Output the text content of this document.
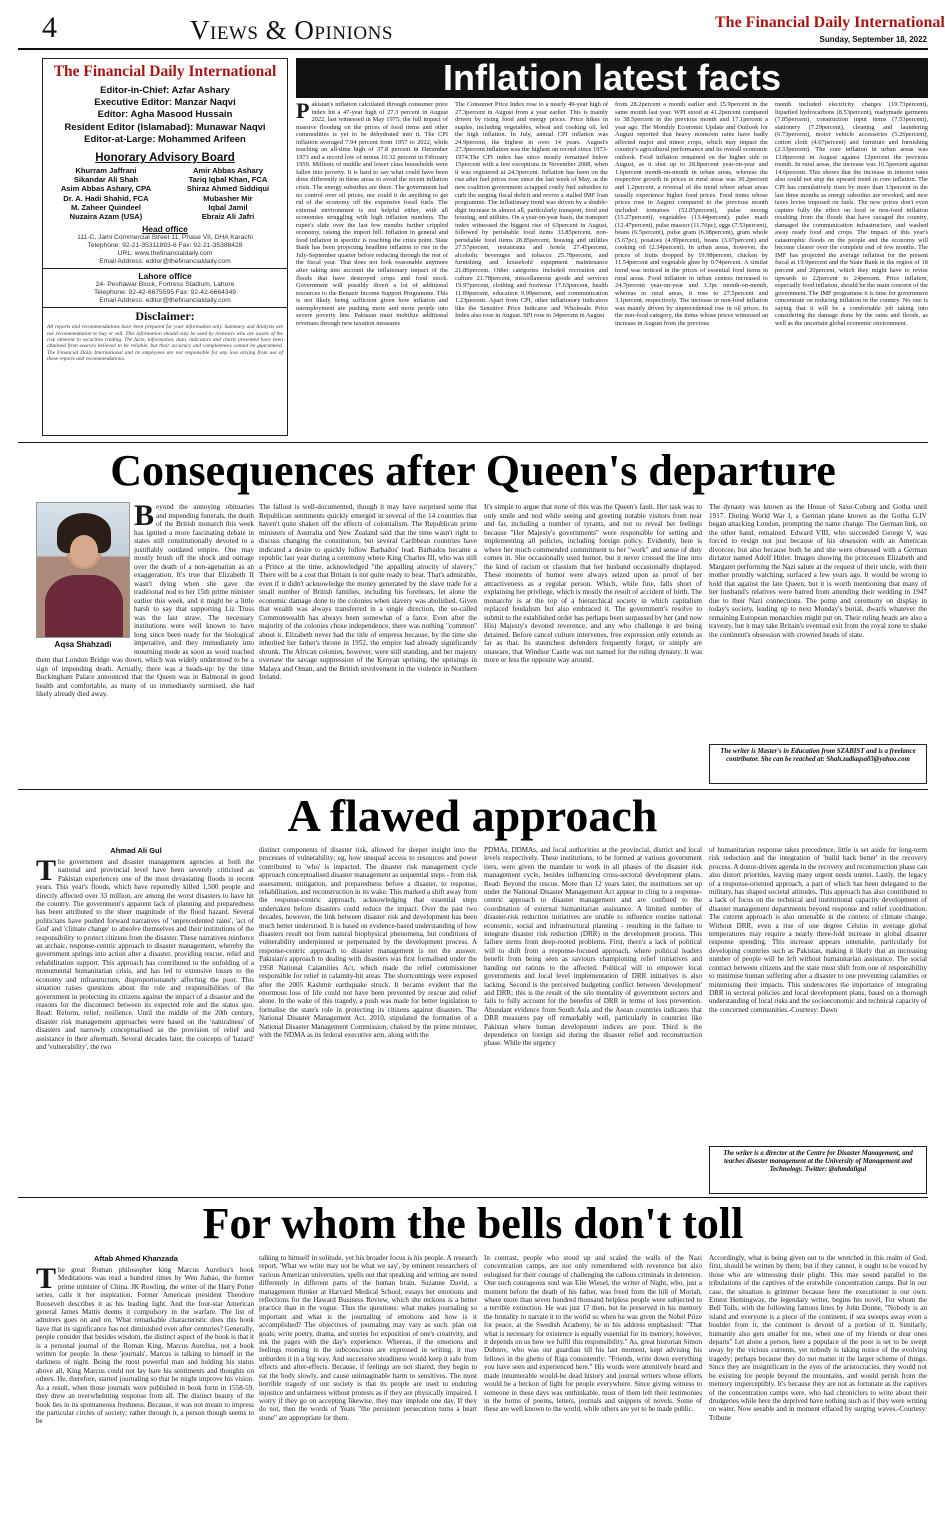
4	Views & Opinions	The Financial Daily International
Sunday, September 18, 2022
The Financial Daily International
Editor-in-Chief: Azfar Ashary
Executive Editor: Manzar Naqvi
Editor: Agha Masood Hussain
Resident Editor (Islamabad): Munawar Naqvi
Editor-at-Large: Mohammed Arifeen
Honorary Advisory Board
Khurram Jaffrani
Sikandar Ali Shah
Asim Abbas Ashary, CPA
Dr. A. Hadi Shahid, FCA
M. Zaheer Quindeel
Nuzaira Azam (USA)
Amir Abbas Ashary
Tariq Iqbal Khan, FCA
Shiraz Ahmed Siddiqui
Mubasher Mir
Iqbal Jamil
Ebraiz Ali Jafri
Head office
111-C, Jami Commercial Street 11, Phase VII, DHA Karachi
Telephone: 92-21-35311893-6 Fax: 92-21-35388428
URL: www.thefinancialdaily.com
Email Address: editor@thefinancialdaily.com
Lahore office
24- Peshawar Block, Fortress Stadium, Lahore
Telephone: 92-42-6675595 Fax: 92-42-6664349
Email Address: editor@thefinancialdaily.com
Disclaimer:
All reports and recommendations have been prepared for your information only. Summary and Analysis are not recommendation to buy or sell. This information should only be used by investors who are aware of the risk inherent in securities trading. The facts, information, data, indicators and charts presented have been obtained from sources believed to be reliable, but their accuracy and completeness cannot be guaranteed. The Financial Daily International and its employees are not responsible for any loss arising from use of these reports and recommendations.
Inflation latest facts

Pakistan's inflation calculated through consumer price index hit a 47-year high of 27.3 percent in August 2022, last witnessed in May 1975; the full impact of massive flooding on the prices of food items and other commodities is yet to be dehydrated into it. The CPI inflation averaged 7.94 percent from 1957 to 2022, while reaching an all-time high of 37.8 percent in December 1973 and a record low of minus 10.32 percent in February 1959. Millions of middle and lower class households were fallen into poverty. It is hard to say what could have been done differently in these areas to avoid the recent inflation crisis. The energy subsidies are there. The government had no control over oil prices, nor could it do anything to get rid of the economy off the expensive fossil fuels. The external environment is not helpful either, with all economies struggling with high inflation numbers. The rupee's slide over the last few months further crippled economy, raising the import bill. Inflation in general and food inflation in specific is reaching the crisis point. State Bank has been projecting headline inflation to rise in the July-September quarter before reducing through the rest of the fiscal year. That does not look reasonable anymore after taking into account the inflationary impact of the floods that have destroyed crops and food stock. Government will possibly divert a lot of additional resources to the Benazir Income Support Programme. This is not likely being sufficient given how inflation and unemployment are pushing more and more people into severe poverty line. Pakistan must mobilize additional revenues through new taxation measures

The Consumer Price Index rose to a nearly 49-year high of 27.3percent in August from a year earlier. This is mainly driven by rising food and energy prices. Price hikes in staples, including vegetables, wheat and cooking oil, led the high inflation. In July, annual CPI inflation was 24.9percent, the highest in over 14 years. August's 27.3percent inflation was the highest on record since 1973-1974.The CPI index has since mostly remained below 15percent with a few exceptions in November 2008, when it was registered at 24.3percent. Inflation has been on the rise after fuel prices rose since the last week of May, as the new coalition government scrapped costly fuel subsidies to curb the surging fiscal deficit and revive a stalled IMF loan programme. The inflationary trend was driven by a double-digit increase in almost all, particularly transport, food and housing, and utilities. On a year-on-year basis, the transport index witnessed the biggest rise of 63percent in August, followed by perishable food items 33.85percent, non-perishable food items 28.85percent, housing and utilities 27.57percent, restaurants and hotels 27.45percent, alcoholic beverages and tobacco 25.78percent, and furnishing and household equipment maintenance 21.86percent. Other categories included recreation and culture 21.78percent, miscellaneous goods and services 19.97percent, clothing and footwear 17.63percent, health 11.89percent, education 9.99percent, and communication 1.23percent. Apart from CPI, other inflationary indicators like the Sensitive Price Indicator and Wholesale Price Index also rose in August. SPI rose to 34percent in August

from 28.2percent a month earlier and 15.9percent in the same month last year. WPI stood at 41.2percent compared to 38.5percent in the previous month and 17.1percent a year ago. The Monthly Economic Update and Outlook for August reported that heavy monsoon rains have badly affected major and minor crops, which may impact the country's agricultural performance and its overall economic outlook. Food inflation remained on the higher side in August, as it shot up to 28.8percent year-on-year and 1.6percent month-on-month in urban areas, whereas the respective growth in prices in rural areas was 30.2percent and 1.2percent, a reversal of the trend where urban areas usually experience higher food prices. Food items whose prices rose in August compared to the previous month included tomatoes (52.85percent), pulse moong (15.27percent), vegetables (13.44percent), pulse mash (12.47percent), pulse masoor (11.76pc), eggs (7.53percent), beans (6.5percent), pulse gram (6.08percent), gram whole (5.67pc), potatoes (4.99percent), beans (3.07percent) and cooking oil (2.34percent). In urban areas, however, the prices of fruits dropped by 19.98percent, chicken by 11.54percent and vegetable ghee by 0.74percent. A similar trend was noticed in the prices of essential food items in rural areas. Food inflation in urban centres increased to 24.7percent year-on-year and 3.3pc month-on-month, whereas in rural areas, it rose to 27.5percent and 3.1percent, respectively. The increase in non-food inflation was mainly driven by unprecedented rise in oil prices. In the non-food category, the items whose prices witnessed an increase in August from the previous

month included electricity charges (19.73percent), liquefied hydrocarbons (8.53percent), readymade garments (7.85percent), construction input items (7.53percent), stationery (7.29percent), cleaning and laundering (6.73percent), motor vehicle accessories (5.26percent), cotton cloth (4.67percent) and furniture and furnishing (2.33percent). The core inflation in urban areas was 13.8percent in August against 12percent the previous month. In rural areas, the increase was 16.5percent against 14.6percent. This shows that the increase in interest rates also could not stop the upward trend in core inflation. The CPI has cumulatively risen by more than 13percent in the last three months as energy subsidies are revoked, and new taxes levies imposed on fuels. The new prices don't even capture fully the effect on food or non-food inflation resulting from the floods that have ravaged the country, damaged the communication infrastructure, and washed away ready food and crops. The impact of this year's catastrophic floods on the people and the economy will become clearer over the complete end of few months. The IMF has projected the average inflation for the present fiscal at 19.9percent and the State Bank in the region of 18 percent and 20percent, which they might have to revise upwards to 22percent to 24percent. Price inflation, especially food inflation, should be the main concern of the government. The IMF programme it is time for government concentrate on reducing inflation in the country. No one is saying that it will be a comfortable job taking into considering the damage done by the rains and floods, as well as the uncertain global economic environment.

Consequences after Queen's departure
Aqsa Shahzadi

Beyond the annoying obituaries and impending funerals, the death of the British monarch this week has ignited a more fascinating debate in states still constitutionally devoted to a justifiably outdated empire. One may mostly brush off the shock and outrage over the death of a non-agenarian as an exaggeration. It's true that Elizabeth II wasn't dying when she gave the traditional nod to her 15th prime minister earlier this week, and it might be a little harsh to say that supporting Liz Truss was the last straw. The necessary institutions were well known to have long since been ready for the biological imperative, and they immediately into mourning mode as soon as word reached them that London Bridge was down, which was widely understood to be a sign of impending death. Actually, there was a heads-up: by the time Buckingham Palace announced that the Queen was in Balmoral in good health and comfortable, as many of us immediately surmised, she had likely already died away.

The fallout is well-documented, though it may have surprised some that Republican sentiments quickly emerged in several of the 14 countries that haven't quite shaken off the effects of colonialism. The Republican prime ministers of Australia and New Zealand said that the time wasn't right to discuss changing the constitution, but several Caribbean countries have indicated a desire to quickly follow Barbados' lead. Barbados became a republic last year during a ceremony where King Charles III, who was still a Prince at the time, acknowledged "the appalling atrocity of slavery." There will be a cost that Britain is not quite ready to bear. That's admirable, even if it didn't acknowledge the money generated by the slave trade for a small number of British families, including his forebears, let alone the economic damage done to the colonies when slavery was abolished. Given that wealth was always transferred in a single direction, the so-called Commonwealth has always been somewhat of a farce. Even after the majority of the colonies chose independence, there was nothing "common" about it. Elizabeth never had the title of empress because, by the time she inherited her father's throne in 1952, the empire had already significantly shrunk. The African colonies, however, were still standing, and her majesty oversaw the savage suppression of the Kenyan uprising, the uprisings in Malaya and Oman, and the British involvement in the violence in Northern Ireland.

It's simple to argue that none of this was the Queen's fault. Her task was to only smile and nod while seeing and greeting notable visitors from near and far, including a number of tyrants, and not to reveal her feelings because "Her Majesty's governments" were responsible for setting and implementing all policies, including foreign policy. Evidently, here is where her much commended commitment to her "work" and sense of duty comes in. She occasionally used humor, but it never crossed the line into the kind of racism or classism that her husband occasionally displayed. These moments of humor were always seized upon as proof of her attractiveness as a regular person. Which, while fine, falls short of explaining her privilege, which is mostly the result of accident of birth. The monarchy is at the top of a hierarchical society in which capitalism replaced feudalism but also embraced it. The government's resolve to submit to the established order has perhaps been surpassed by her (and now His) Majesty's devoted reverence, and any who challenge it are being detained. Before cancel culture intervenes, free expression only extends as far as that. Its staunchest defenders frequently forget, or simply are unaware, that Windsor Castle was not named for the ruling dynasty. It was more or less the opposite way around.

The dynasty was known as the House of Saxe-Coburg and Gotha until 1917. During World War I, a German plane known as the Gotha G.IV began attacking London, prompting the name change. The German link, on the other hand, remained. Edward VIII, who succeeded George V, was forced to resign not just because of his obsession with an American divorcee, but also because both he and she were obsessed with a German dictator named Adolf Hitler. Images showing the princesses Elizabeth and Margaret performing the Nazi salute at the request of their uncle, with their mother proudly watching, surfaced a few years ago. It would be wrong to hold that against the late Queen, but it is worth mentioning that many of her husband's relatives were barred from attending their wedding in 1947 due to their Nazi connections. The pomp and ceremony on display in today's society, leading up to next Monday's burial, dwarfs whatever the remaining European monarchies might put on. Their ruling heads are also a travesty, but it may take Britain's eventual exit from the royal zone to shake the continent's obsession with crowned heads of state.

The writer is Master's in Education from SZABIST and is a freelance contributor. She can be reached at: Shah.zadiaqsa03@yahoo.com
A flawed approach
Ahmad Ali Gul

The government and disaster management agencies at both the national and provincial level have been severely criticised as Pakistan experiences one of the most devastating floods in recent years. This year's floods, which have reportedly killed 1,500 people and directly affected over 33 million, are among the worst disasters to have hit the country. The government's apparent lack of planning and preparedness has been attributed to the sheer magnitude of the flood hazard. Several politicians have pushed forward narratives of 'unprecedented rains', 'act of God' and 'climate change' to absolve themselves and their institutions of the responsibility to protect citizens from the disaster. These narratives reinforce an archaic, response-centric approach to disaster management, whereby the government springs into action after a disaster, providing rescue, relief and rehabilitation support. This approach has contributed to the unfolding of a monumental humanitarian crisis, and has led to extensive losses to the economy and infrastructure, disproportionately affecting the poor. This situation raises questions about the role and responsibilities of the government in protecting its citizens against the impact of a disaster and the reasons for the disconnect between its expected role and the status quo. Read: Reform, relief, resilience. Until the middle of the 20th century, disaster risk management approaches were based on the 'naturalness' of disasters and narrowly conceptualised as the provision of relief and assistance in their aftermath. Several decades later, the concepts of 'hazard' and 'vulnerability', the two

distinct components of disaster risk, allowed for deeper insight into the processes of vulnerability; eg, how unequal access to resources and power contributed to 'who' is impacted. The disaster risk management cycle approach conceptualised disaster management as sequential steps - from risk assessment, mitigation, and preparedness before a disaster, to response, rehabilitation, and reconstruction in its wake. This marked a shift away from the response-centric approach, acknowledging that essential steps undertaken before disasters could reduce the impact. Over the past two decades, however, the link between disaster risk and development has been much better understood. It is based on evidence-based understanding of how disasters result not from natural biophysical phenomena, but conditions of vulnerability underpinned or perpetuated by the development process. A response-centric approach to disaster management is not the answer. Pakistan's approach to dealing with disasters was first formalised under the 1958 National Calamities Act, which made the relief commissioner responsible for relief in calamity-hit areas. The shortcomings were exposed after the 2005 Kashmir earthquake struck. It became evident that the enormous loss of life could not have been prevented by rescue and relief alone. In the wake of this tragedy, a push was made for better legislation to formalise the state's role in protecting its citizens against disasters. The National Disaster Management Act, 2010, stipulated the formation of a National Disaster Management Commission, chaired by the prime minister, with the NDMA as its federal executive arm, along with the

PDMAs, DDMAs, and local authorities at the provincial, district and local levels respectively. These institutions, to be formed at various government tiers, were given the mandate to work in all phases of the disaster risk management cycle, besides influencing cross-sectoral development plans. Read: Beyond the rescue. More than 12 years later, the institutions set up under the National Disaster Management Act appear to cling to a response-centric approach to disaster management and are confined to the coordination of external humanitarian assistance. A limited number of disaster-risk reduction initiatives are unable to influence routine national economic, social and infrastructural planning - resulting in the failure to integrate disaster risk reduction (DRR) in the development process. This failure stems from deep-rooted problems. First, there's a lack of political will to shift from a response-focused approach, where political leaders benefit from being seen as saviours championing relief initiatives and handing out rations to the affected. Political will to empower local governments and local level implementation of DRR initiatives is also lacking. Second is the perceived budgeting conflict between 'development' and DRR; this is the result of the silo mentality of government sectors and fails to fully account for the benefits of DRR in terms of loss prevention. Abundant evidence from South Asia and the Asean countries indicates that DRR measures pay off remarkably well, particularly in countries like Pakistan where human development indices are poor. Third is the dependence on foreign aid during the disaster relief and reconstruction phase. While the urgency

of humanitarian response takes precedence, little is set aside for long-term risk reduction and the integration of 'build back better' in the recovery process. A donor-driven agenda in the recovery and reconstruction phase can also distort priorities, leaving many urgent needs unmet. Lastly, the legacy of a response-oriented approach, a part of which has been delegated to the military, has shaped societal attitudes. This approach has also contributed to a lack of focus on the technical and institutional capacity development of disaster management departments beyond response and relief coordination. The current approach is also untenable in the context of climate change. Without DRR, even a rise of one degree Celsius in average global temperatures may require a nearly three-fold increase in global disaster response spending. This increase appears untenable, particularly for developing countries such as Pakistan, making it likely that an increasing number of people will be left without humanitarian assistance. The social contract between citizens and the state must shift from one of responsibility to minimise human suffering after a disaster to one preventing calamities or minimising their impacts. This underscores the importance of integrating DRR in sectoral policies and local development plans, based on a thorough understanding of local risks and the socioeconomic and technical capacity of the concerned communities.-Courtesy: Dawn

The writer is a director at the Centre for Disaster Management, and teaches disaster management at the University of Management and Technology. Twitter: @ahmdaligul
For whom the bells don't toll
Aftab Ahmed Khanzada

The great Roman philosopher king Marcus Aurelius's book Meditations was read a hundred times by Wen Jiabao, the former prime minister of China. JK Rowling, the writer of the Harry Potter series, calls it her inspiration. Former American president Theodore Roosevelt describes it as his leading light. And the four-star American general James Mattis deems it compulsory in the warfare. The list of admirers goes on and on. What remarkable characteristic does this book have that its significance has not diminished even after centuries? Generally, people consider that besides wisdom, the distinct aspect of the book is that it is a personal journal of the Roman King, Marcus Aurelius, not a book written for people. In these 'journals', Marcus is talking to himself in the darkness of night. Being the most powerful man and holding his status above all, King Marcus could not lay bare his sentiments and thoughts on others. He, therefore, started journaling so that he might improve his vision. As a result, when those journals were published in book form in 1558-59, they drew an overwhelming response from all. The distinct beauty of the book lies in its spontaneous freshness. Because, it was not meant to impress the particular circles of society; rather through it, a person though seems to be

talking to himself in solitude, yet his broader focus is his people. A research report, 'What we write may not be what we say', by eminent researchers of various American universities, spells out that speaking and writing are noted differently in different parts of the human brain. Suzanne David, a management thinker at Harvard Medical School, essays her emotions and reflections for the Haward Business Review, which she reckons is a better practice than in the vogue. Thus the questions: what makes journaling so important and what is the journaling of emotions and how is it accomplished? The objectives of journaling may vary as such: plan out goals; write poetry, drama, and stories for exposition of one's creativity, and ink the pages with the day's experience. Whereas, if the emotions and feelings rooming in the subconscious are expressed in writing, it may unburden it in a big way. And successive steadiness would keep it safe from effects and after-effects. Because, if feelings are not shared, they begin to eat the body slowly, and cause unimaginable harm to sensitives. The most horrible tragedy of our society is that its people are used to enduring injustice and unfairness without protests as if they are physically impaired. I worry if they go on accepting likewise, they may implode one day. If they do not, then the words of Yeats "the persistent persecution turns a heart stone" are appropriate for them.

In contrast, people who stood up and scaled the walls of the Nazi concentration camps, are not only remembered with reverence but also eulogised for their courage of challenging the callous criminals in detention. One such courageous soul was Elie Wiesel, the writer of Night, who, just a moment before the death of his father, was freed from the hill of Moriah, where more than seven hundred thousand helpless people were subjected to a terrible extinction. He was just 17 then, but he preserved in his memory the brutality to narrate it to the world so when he was given the Nobel Prize for peace, at the Swedish Academy, he in his address emphasised: "That what is necessary for existence is equally essential for its memory, however, it depends on us how we fulfil this responsibility." As, great historian Simon Dubnov, who was our guardian till his last moment, kept advising his fellows in the ghetto of Riga consistently: "Friends, write down everything you have seen and experienced here." His words were attentively heard and made innumerable would-be dead history and journal writers whose efforts would be a beckon of light for people everywhere. Since giving witness to someone in these days was unthinkable, most of them left their testimonies in the forms of poems, letters, journals and snippets of novels. Some of these are well known to the world, while others are yet to be made public.

Accordingly, what is being given out to the wretched in this realm of God, first, should be written by them; but if they cannot, it ought to be voiced by those who are witnessing their plight. This may sound parallel to the tribulations of the captives of the erstwhile concentration camps. But in our case, the situation is grimmer because here the executioner is our own. Ernest Hemingway, the legendary writer, begins his novel, For whom the Bell Tolls, with the following famous lines by John Donne, "Nobody is an island and everyone is a piece of the continent, if sea sweeps away even a boulder from it, the continent is devoid of a portion of it. Similarly, humanity also gets smaller for me, when one of my friends or dear ones departs" Let alone a person, here a populace of the poor is set to be swept away by the vicious currents, yet nobody is taking notice of the evolving tragedy; perhaps because they do not matter in the larger scheme of things. Since they are insignificant in the eyes of the aristocracies, they would not be existing for people beyond the mountains, and would perish from the memory imperceptibly. It's because they are not as fortunate as the captives of the concentration camps were, who had chroniclers to write about their drudgeries while here the deprived have nothing such as if they were writing on water. Now seeable and in moment effaced by surging waves.-Courtesy: Tribune
